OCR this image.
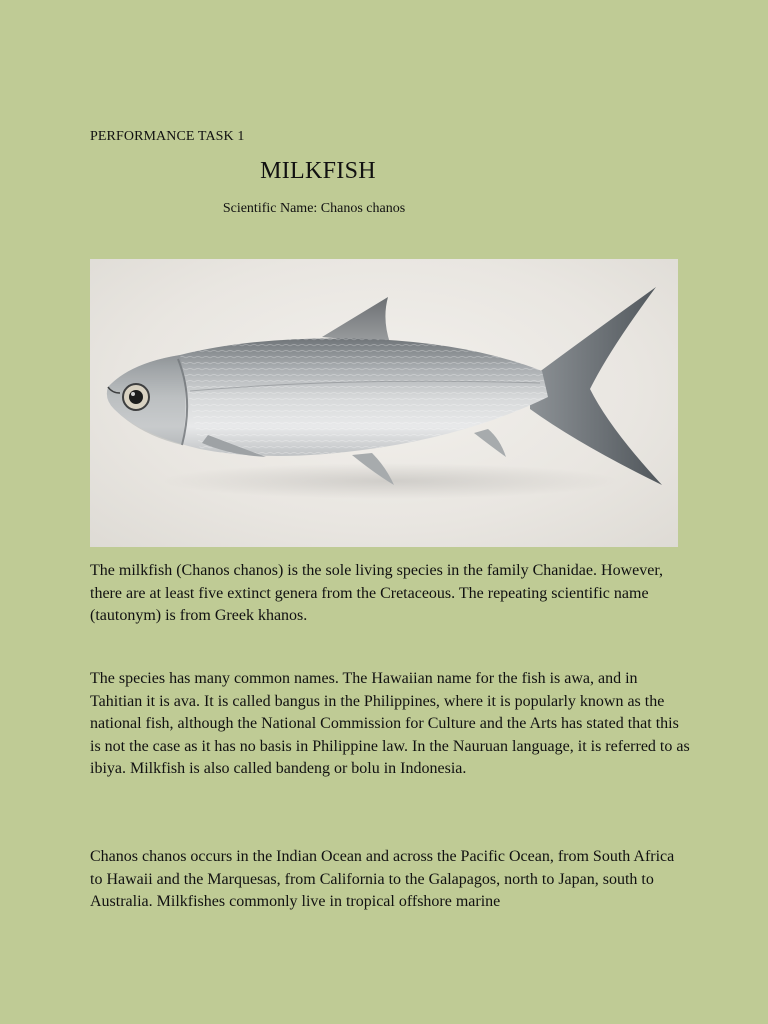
PERFORMANCE TASK 1
MILKFISH
Scientific Name: Chanos chanos

The milkfish (Chanos chanos) is the sole living species in the family Chanidae. However, there are at least five extinct genera from the Cretaceous. The repeating scientific name (tautonym) is from Greek khanos.

The species has many common names. The Hawaiian name for the fish is awa, and in Tahitian it is ava. It is called bangus in the Philippines, where it is popularly known as the national fish, although the National Commission for Culture and the Arts has stated that this is not the case as it has no basis in Philippine law. In the Nauruan language, it is referred to as ibiya. Milkfish is also called bandeng or bolu in Indonesia.

Chanos chanos occurs in the Indian Ocean and across the Pacific Ocean, from South Africa to Hawaii and the Marquesas, from California to the Galapagos, north to Japan, south to Australia. Milkfishes commonly live in tropical offshore marine
